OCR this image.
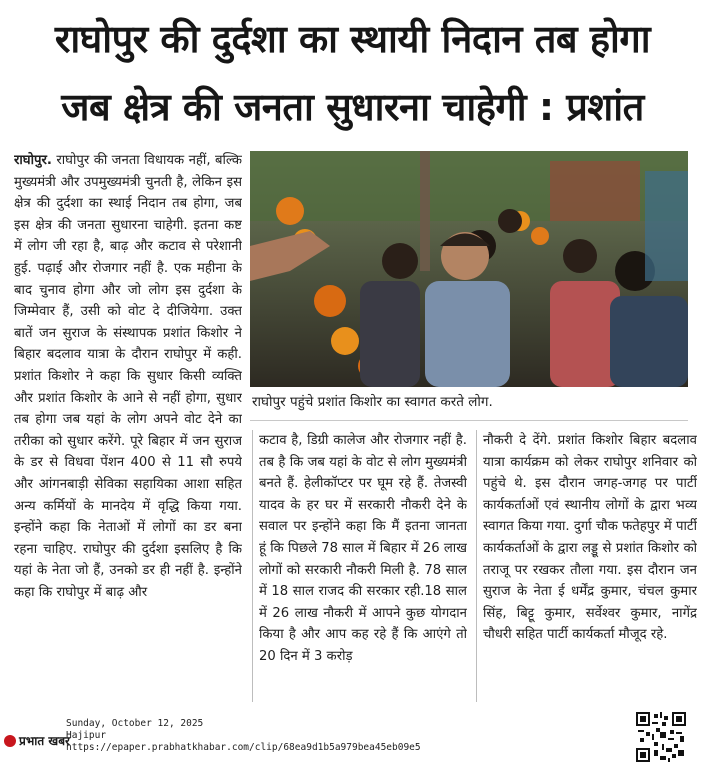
राघोपुर की दुर्दशा का स्थायी निदान तब होगा
जब क्षेत्र की जनता सुधारना चाहेगी : प्रशांत
राघोपुर. राघोपुर की जनता विधायक नहीं, बल्कि मुख्यमंत्री और उपमुख्यमंत्री चुनती है, लेकिन इस क्षेत्र की दुर्दशा का स्थाई निदान तब होगा, जब इस क्षेत्र की जनता सुधारना चाहेगी. इतना कष्ट में लोग जी रहा है, बाढ़ और कटाव से परेशानी हुई. पढ़ाई और रोजगार नहीं है. एक महीना के बाद चुनाव होगा और जो लोग इस दुर्दशा के जिम्मेवार हैं, उसी को वोट दे दीजियेगा. उक्त बातें जन सुराज के संस्थापक प्रशांत किशोर ने बिहार बदलाव यात्रा के दौरान राघोपुर में कही. प्रशांत किशोर ने कहा कि सुधार किसी व्यक्ति और प्रशांत किशोर के आने से नहीं होगा, सुधार तब होगा जब यहां के लोग अपने वोट देने का तरीका को सुधार करेंगे. पूरे बिहार में जन सुराज के डर से विधवा पेंशन 400 से 11 सौ रुपये और आंगनबाड़ी सेविका सहायिका आशा सहित अन्य कर्मियों के मानदेय में वृद्धि किया गया. इन्होंने कहा कि नेताओं में लोगों का डर बना रहना चाहिए. राघोपुर की दुर्दशा इसलिए है कि यहां के नेता जो हैं, उनको डर ही नहीं है. इन्होंने कहा कि राघोपुर में बाढ़ और
राघोपुर पहुंचे प्रशांत किशोर का स्वागत करते लोग.
कटाव है, डिग्री कालेज और रोजगार नहीं है. तब है कि जब यहां के वोट से लोग मुख्यमंत्री बनते हैं. हेलीकॉप्टर पर घूम रहे हैं. तेजस्वी यादव के हर घर में सरकारी नौकरी देने के सवाल पर इन्होंने कहा कि मैं इतना जानता हूं कि पिछले 78 साल में बिहार में 26 लाख लोगों को सरकारी नौकरी मिली है. 78 साल में 18 साल राजद की सरकार रही.18 साल में 26 लाख नौकरी में आपने कुछ योगदान किया है और आप कह रहे हैं कि आएंगे तो 20 दिन में 3 करोड़
नौकरी दे देंगे. प्रशांत किशोर बिहार बदलाव यात्रा कार्यक्रम को लेकर राघोपुर शनिवार को पहुंचे थे. इस दौरान जगह-जगह पर पार्टी कार्यकर्ताओं एवं स्थानीय लोगों के द्वारा भव्य स्वागत किया गया. दुर्गा चौक फतेहपुर में पार्टी कार्यकर्ताओं के द्वारा लड्डू से प्रशांत किशोर को तराजू पर रखकर तौला गया. इस दौरान जन सुराज के नेता ई धर्मेंद्र कुमार, चंचल कुमार सिंह, बिट्टू कुमार, सर्वेश्वर कुमार, नागेंद्र चौधरी सहित पार्टी कार्यकर्ता मौजूद रहे.
प्रभात खबर
Sunday, October 12, 2025
Hajipur
https://epaper.prabhatkhabar.com/clip/68ea9d1b5a979bea45eb09e5
